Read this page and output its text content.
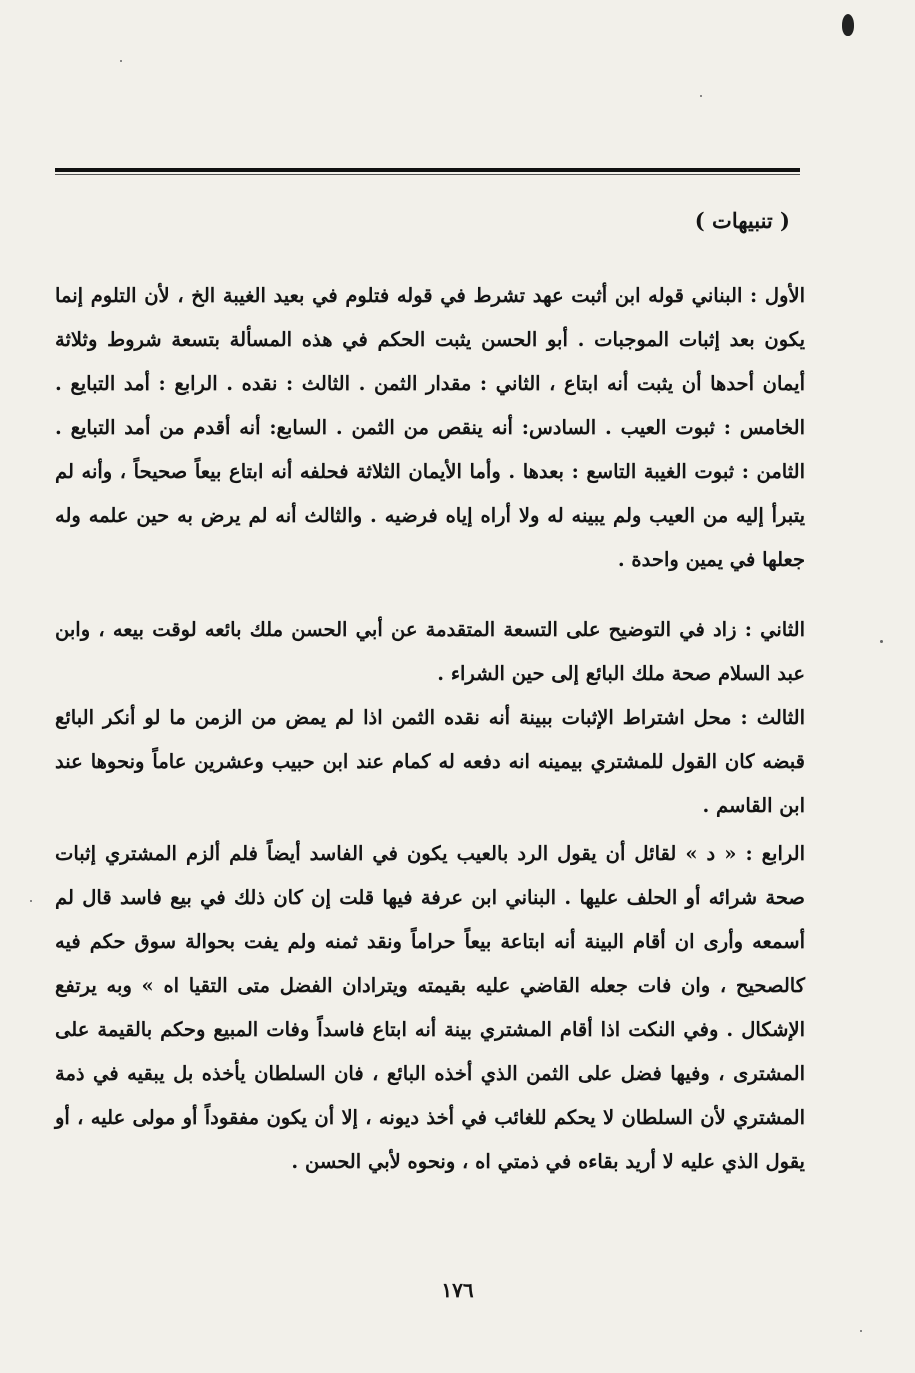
( تنبيهات )

الأول : البناني قوله ابن أثبت عهد تشرط في قوله فتلوم في بعيد الغيبة الخ ، لأن التلوم إنما يكون بعد إثبات الموجبات . أبو الحسن يثبت الحكم في هذه المسألة بتسعة شروط وثلاثة أيمان أحدها أن يثبت أنه ابتاع ، الثاني : مقدار الثمن . الثالث : نقده . الرابع : أمد التبايع . الخامس : ثبوت العيب . السادس: أنه ينقص من الثمن . السابع: أنه أقدم من أمد التبايع . الثامن : ثبوت الغيبة التاسع : بعدها . وأما الأيمان الثلاثة فحلفه أنه ابتاع بيعاً صحيحاً ، وأنه لم يتبرأ إليه من العيب ولم يبينه له ولا أراه إياه فرضيه . والثالث أنه لم يرض به حين علمه وله جعلها في يمين واحدة .

الثاني : زاد في التوضيح على التسعة المتقدمة عن أبي الحسن ملك بائعه لوقت بيعه ، وابن عبد السلام صحة ملك البائع إلى حين الشراء .

الثالث : محل اشتراط الإثبات ببينة أنه نقده الثمن اذا لم يمض من الزمن ما لو أنكر البائع قبضه كان القول للمشتري بيمينه انه دفعه له كمام عند ابن حبيب وعشرين عاماً ونحوها عند ابن القاسم .

الرابع : « د » لقائل أن يقول الرد بالعيب يكون في الفاسد أيضاً فلم ألزم المشتري إثبات صحة شرائه أو الحلف عليها . البناني ابن عرفة فيها قلت إن كان ذلك في بيع فاسد قال لم أسمعه وأرى ان أقام البينة أنه ابتاعة بيعاً حراماً ونقد ثمنه ولم يفت بحوالة سوق حكم فيه كالصحيح ، وان فات جعله القاضي عليه بقيمته ويترادان الفضل متى التقيا اه » وبه يرتفع الإشكال . وفي النكت اذا أقام المشتري بينة أنه ابتاع فاسداً وفات المبيع وحكم بالقيمة على المشترى ، وفيها فضل على الثمن الذي أخذه البائع ، فان السلطان يأخذه بل يبقيه في ذمة المشتري لأن السلطان لا يحكم للغائب في أخذ ديونه ، إلا أن يكون مفقوداً أو مولى عليه ، أو يقول الذي عليه لا أريد بقاءه في ذمتي اه ، ونحوه لأبي الحسن .

١٧٦
